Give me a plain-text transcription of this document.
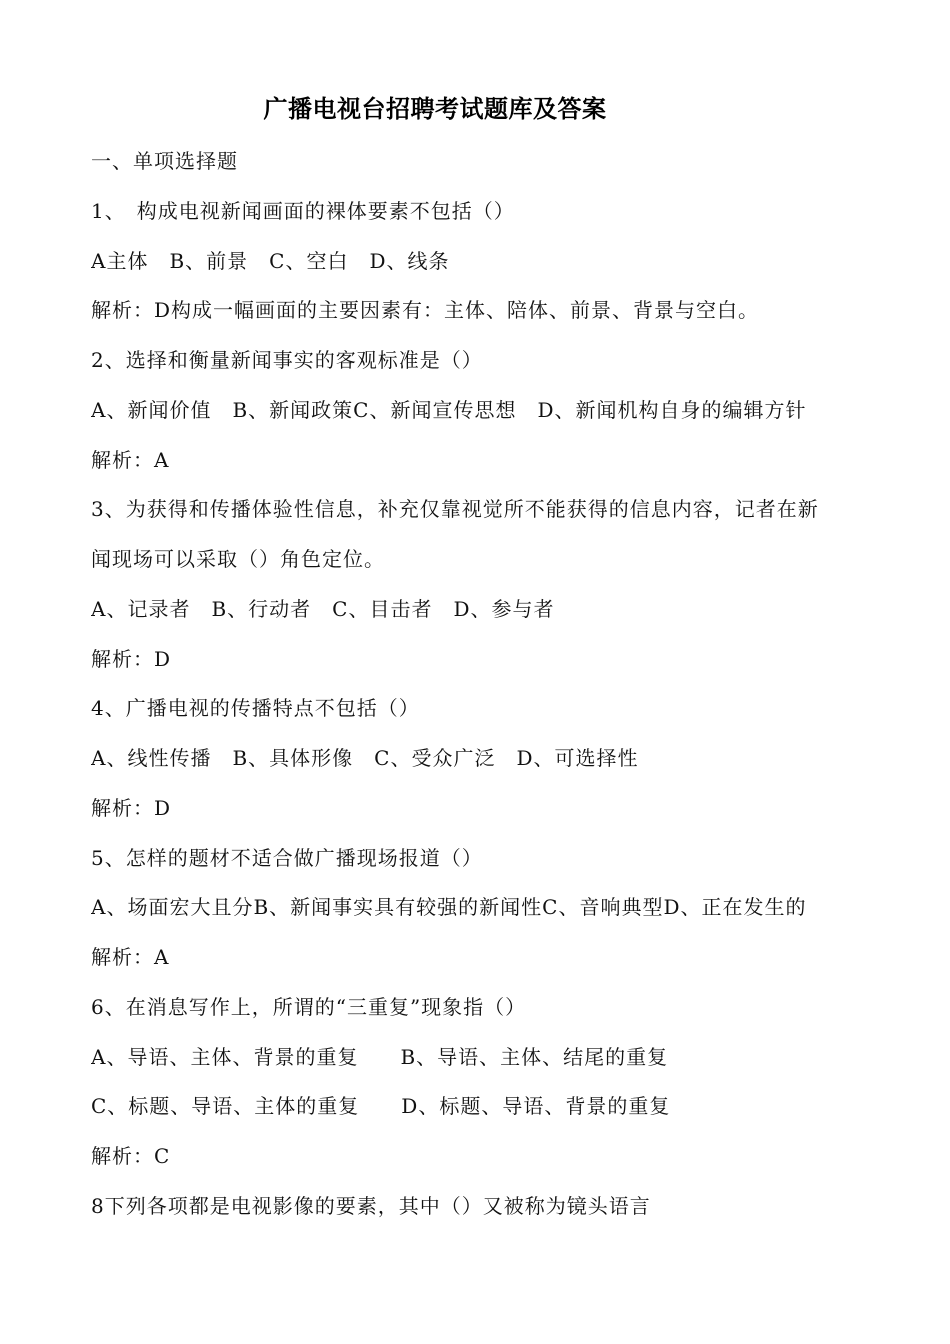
广播电视台招聘考试题库及答案
一、单项选择题
1、　构成电视新闻画面的裸体要素不包括（）
A主体　B、前景　C、空白　D、线条
解析：D构成一幅画面的主要因素有：主体、陪体、前景、背景与空白。
2、选择和衡量新闻事实的客观标准是（）
A、新闻价值　B、新闻政策C、新闻宣传思想　D、新闻机构自身的编辑方针
解析：A
3、为获得和传播体验性信息，补充仅靠视觉所不能获得的信息内容，记者在新
闻现场可以采取（）角色定位。
A、记录者　B、行动者　C、目击者　D、参与者
解析：D
4、广播电视的传播特点不包括（）
A、线性传播　B、具体形像　C、受众广泛　D、可选择性
解析：D
5、怎样的题材不适合做广播现场报道（）
A、场面宏大且分B、新闻事实具有较强的新闻性C、音响典型D、正在发生的
解析：A
6、在消息写作上，所谓的“三重复”现象指（）
A、导语、主体、背景的重复　　B、导语、主体、结尾的重复
C、标题、导语、主体的重复　　D、标题、导语、背景的重复
解析：C
8下列各项都是电视影像的要素，其中（）又被称为镜头语言
